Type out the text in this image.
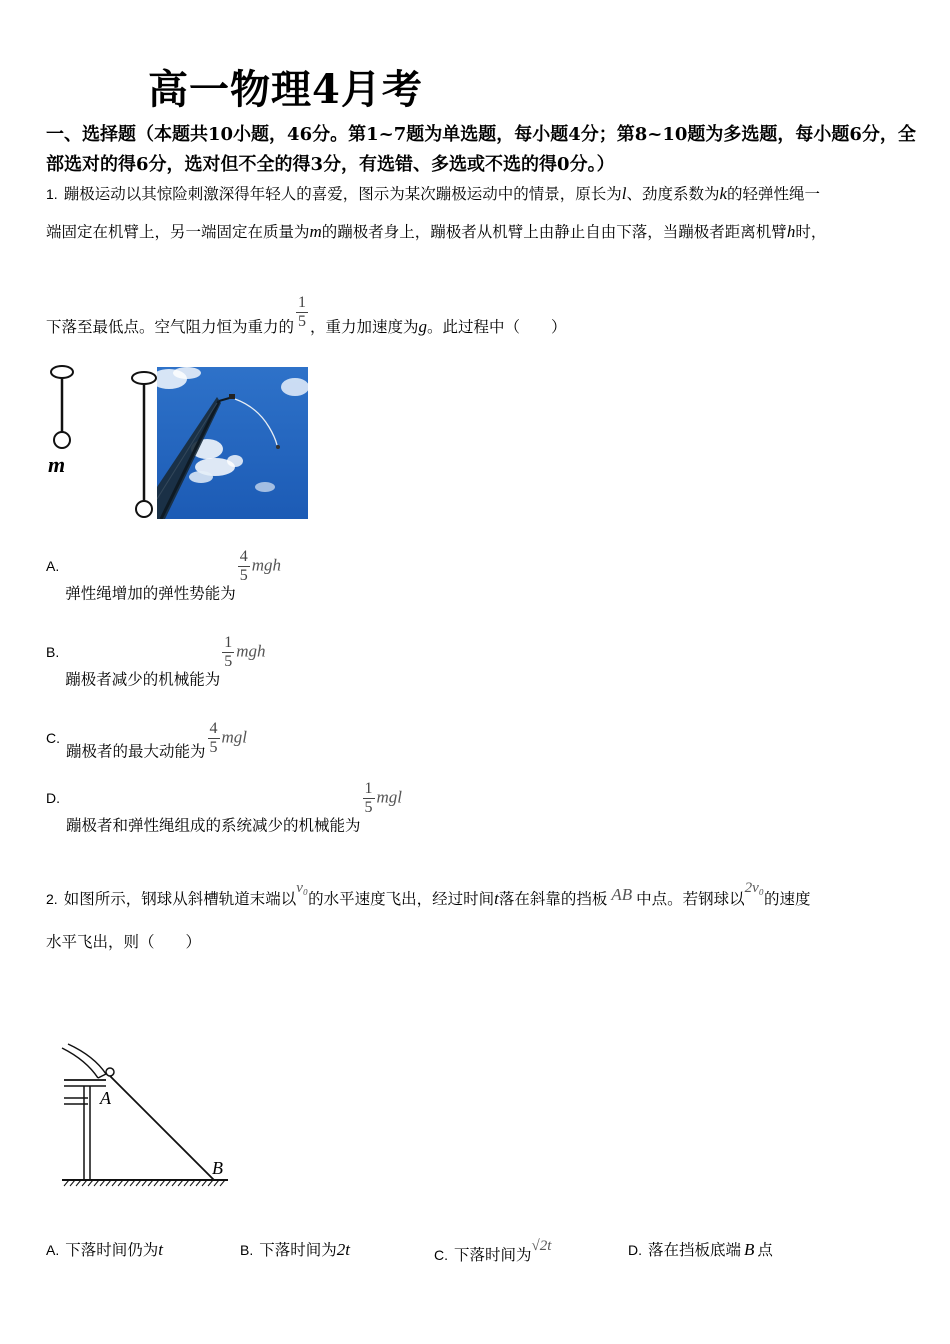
高一物理4月考
一、选择题（本题共10小题，46分。第1~7题为单选题，每小题4分；第8~10题为多选题，每小题6分，全部选对的得6分，选对但不全的得3分，有选错、多选或不选的得0分。）
1. 蹦极运动以其惊险刺激深得年轻人的喜爱，图示为某次蹦极运动中的情景，原长为l、劲度系数为k的轻弹性绳一
端固定在机臂上，另一端固定在质量为m的蹦极者身上，蹦极者从机臂上由静止自由下落，当蹦极者距离机臂h时，
下落至最低点。空气阻力恒为重力的 $\frac{1}{5}$ ，重力加速度为g。此过程中（　　）
m
A.弹性绳增加的弹性势能为
$\frac{4}{5}$ mgh
B.蹦极者减少的机械能为
$\frac{1}{5}$ mgh
C.蹦极者的最大动能为 $\frac{4}{5}$ mgl
D.蹦极者和弹性绳组成的系统减少的机械能为
$\frac{1}{5}$ mgl
2. 如图所示，钢球从斜槽轨道末端以v₀的水平速度飞出，经过时间t落在斜靠的挡板 AB 中点。若钢球以2v₀的速度
水平飞出，则（　　）
A
B
A. 下落时间仍为t	B. 下落时间为2t	C. 下落时间为√2t	D. 落在挡板底端 B 点
